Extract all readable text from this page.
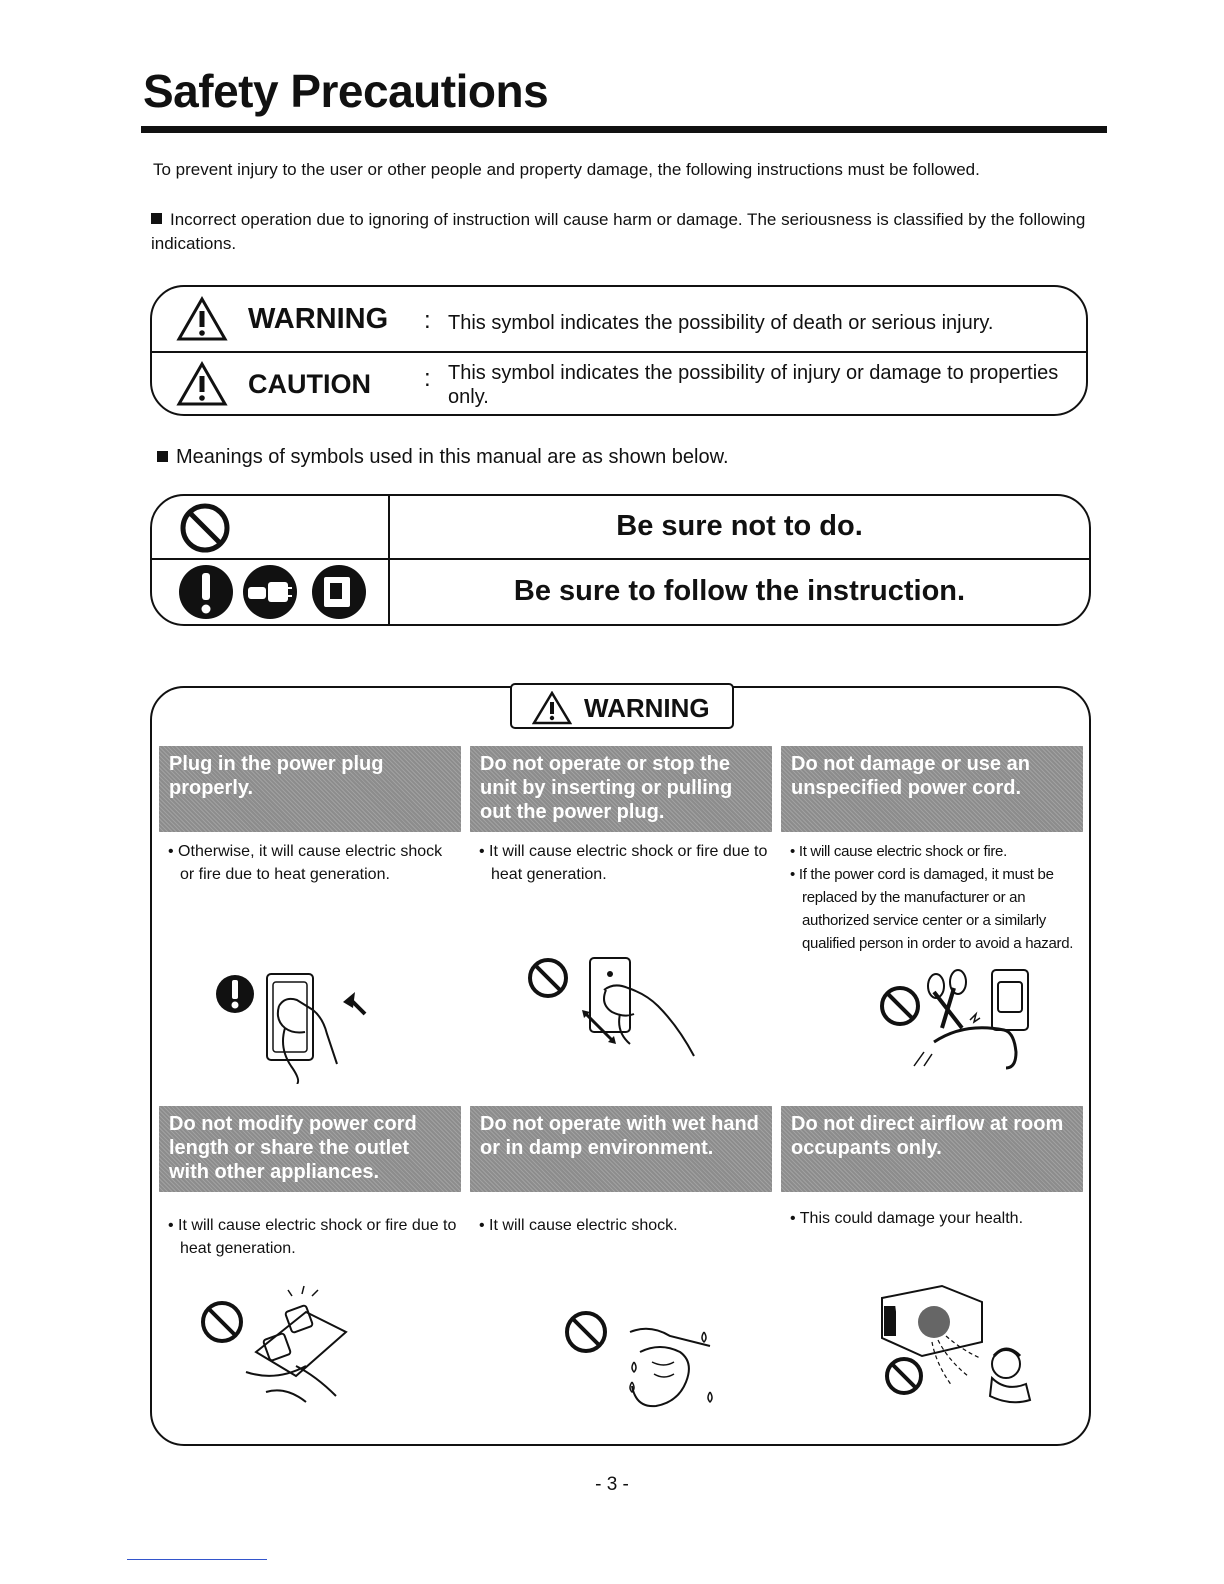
Safety Precautions
To prevent injury to the user or other people and property damage, the following instructions must be followed.
Incorrect operation due to ignoring of instruction will cause harm or damage. The seriousness is classified by the following indications.
WARNING : This symbol indicates the possibility of death or serious injury.
CAUTION : This symbol indicates the possibility of injury or damage to properties only.
Meanings of symbols used in this manual are as shown below.
Be sure not to do.
Be sure to follow the instruction.
WARNING
Plug in the power plug properly.
Do not operate or stop the unit by inserting or pulling out the power plug.
Do not damage or use an unspecified power cord.
• Otherwise, it will cause electric shock or fire due to heat generation.
• It will cause electric shock or fire due to heat generation.
• It will cause electric shock or fire.
• If the power cord is damaged, it must be replaced by the manufacturer or an authorized service center or a similarly qualified person in order to avoid a hazard.
Do not modify power cord length or share the outlet with other appliances.
Do not operate with wet hand or in damp environment.
Do not direct airflow at room occupants only.
• It will cause electric shock or fire due to heat generation.
• It will cause electric shock.	• This could damage your health.
- 3 -
